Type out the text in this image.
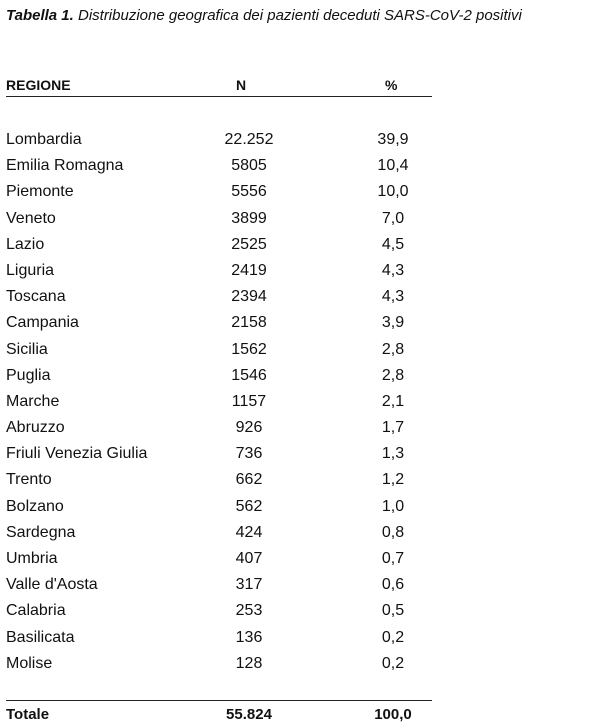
Tabella 1. Distribuzione geografica dei pazienti deceduti SARS-CoV-2 positivi
REGIONE	N	%
Lombardia	22.252	39,9
Emilia Romagna	5805	10,4
Piemonte	5556	10,0
Veneto	3899	7,0
Lazio	2525	4,5
Liguria	2419	4,3
Toscana	2394	4,3
Campania	2158	3,9
Sicilia	1562	2,8
Puglia	1546	2,8
Marche	1157	2,1
Abruzzo	926	1,7
Friuli Venezia Giulia	736	1,3
Trento	662	1,2
Bolzano	562	1,0
Sardegna	424	0,8
Umbria	407	0,7
Valle d'Aosta	317	0,6
Calabria	253	0,5
Basilicata	136	0,2
Molise	128	0,2
Totale	55.824	100,0
